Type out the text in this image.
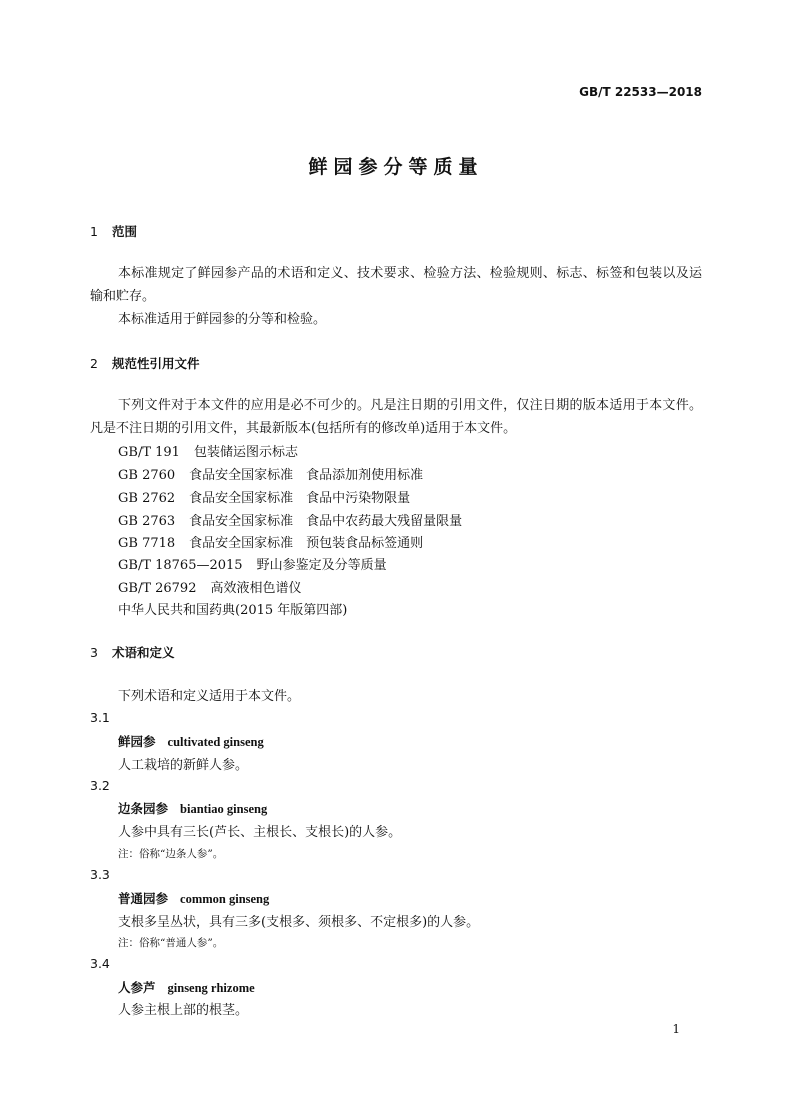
GB/T 22533—2018
鲜园参分等质量
1 范围

本标准规定了鲜园参产品的术语和定义、技术要求、检验方法、检验规则、标志、标签和包装以及运输和贮存。

本标准适用于鲜园参的分等和检验。

2 规范性引用文件

下列文件对于本文件的应用是必不可少的。凡是注日期的引用文件，仅注日期的版本适用于本文件。凡是不注日期的引用文件，其最新版本(包括所有的修改单)适用于本文件。

GB/T 191 包装储运图示标志
GB 2760 食品安全国家标准　食品添加剂使用标准
GB 2762 食品安全国家标准　食品中污染物限量
GB 2763 食品安全国家标准　食品中农药最大残留量限量
GB 7718 食品安全国家标准　预包装食品标签通则
GB/T 18765—2015 野山参鉴定及分等质量
GB/T 26792 高效液相色谱仪
中华人民共和国药典(2015 年版第四部)
3 术语和定义
下列术语和定义适用于本文件。
3.1
鲜园参 cultivated ginseng
人工栽培的新鲜人参。
3.2
边条园参 biantiao ginseng
人参中具有三长(芦长、主根长、支根长)的人参。
注：俗称“边条人参”。
3.3
普通园参 common ginseng
支根多呈丛状，具有三多(支根多、须根多、不定根多)的人参。
注：俗称“普通人参”。
3.4
人参芦 ginseng rhizome
人参主根上部的根茎。
1
